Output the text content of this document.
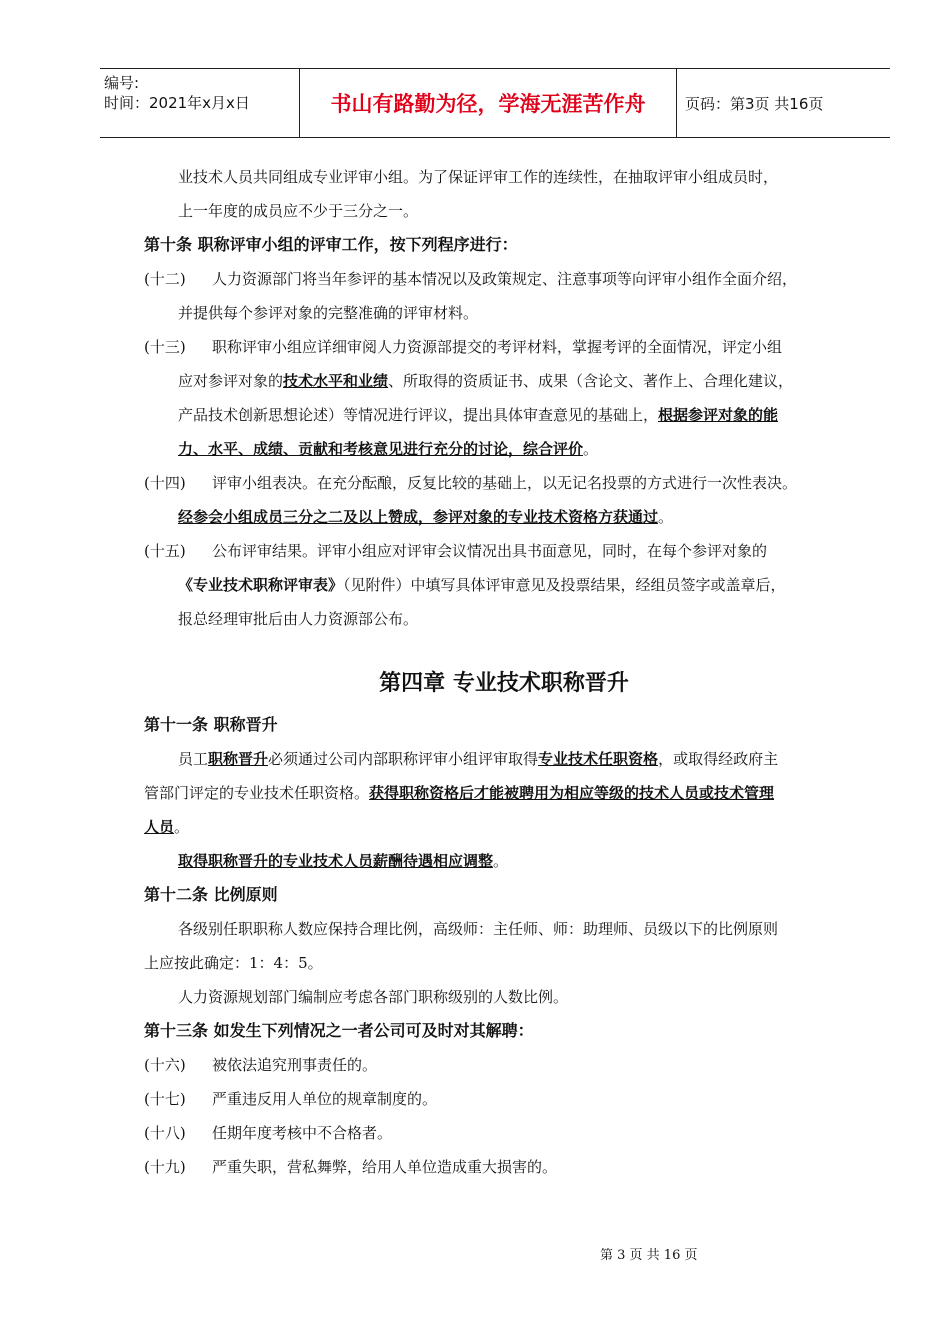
编号:
时间：2021年x月x日	书山有路勤为径，学海无涯苦作舟	页码：第3页 共16页

业技术人员共同组成专业评审小组。为了保证评审工作的连续性，在抽取评审小组成员时，

上一年度的成员应不少于三分之一。

第十条 职称评审小组的评审工作，按下列程序进行：

(十二)	人力资源部门将当年参评的基本情况以及政策规定、注意事项等向评审小组作全面介绍，

并提供每个参评对象的完整准确的评审材料。

(十三)	职称评审小组应详细审阅人力资源部提交的考评材料，掌握考评的全面情况，评定小组

应对参评对象的技术水平和业绩、所取得的资质证书、成果（含论文、著作上、合理化建议，

产品技术创新思想论述）等情况进行评议，提出具体审查意见的基础上，根据参评对象的能

力、水平、成绩、贡献和考核意见进行充分的讨论，综合评价。

(十四)	评审小组表决。在充分酝酿，反复比较的基础上，以无记名投票的方式进行一次性表决。

经参会小组成员三分之二及以上赞成，参评对象的专业技术资格方获通过。

(十五)	公布评审结果。评审小组应对评审会议情况出具书面意见，同时，在每个参评对象的

《专业技术职称评审表》（见附件）中填写具体评审意见及投票结果，经组员签字或盖章后，

报总经理审批后由人力资源部公布。

第四章 专业技术职称晋升

第十一条 职称晋升

员工职称晋升必须通过公司内部职称评审小组评审取得专业技术任职资格，或取得经政府主

管部门评定的专业技术任职资格。获得职称资格后才能被聘用为相应等级的技术人员或技术管理

人员。

取得职称晋升的专业技术人员薪酬待遇相应调整。

第十二条 比例原则

各级别任职职称人数应保持合理比例，高级师：主任师、师：助理师、员级以下的比例原则

上应按此确定：1：4：5。

人力资源规划部门编制应考虑各部门职称级别的人数比例。

第十三条 如发生下列情况之一者公司可及时对其解聘：

(十六)	被依法追究刑事责任的。
(十七)	严重违反用人单位的规章制度的。
(十八)	任期年度考核中不合格者。
(十九)	严重失职，营私舞弊，给用人单位造成重大损害的。
第 3 页 共 16 页
